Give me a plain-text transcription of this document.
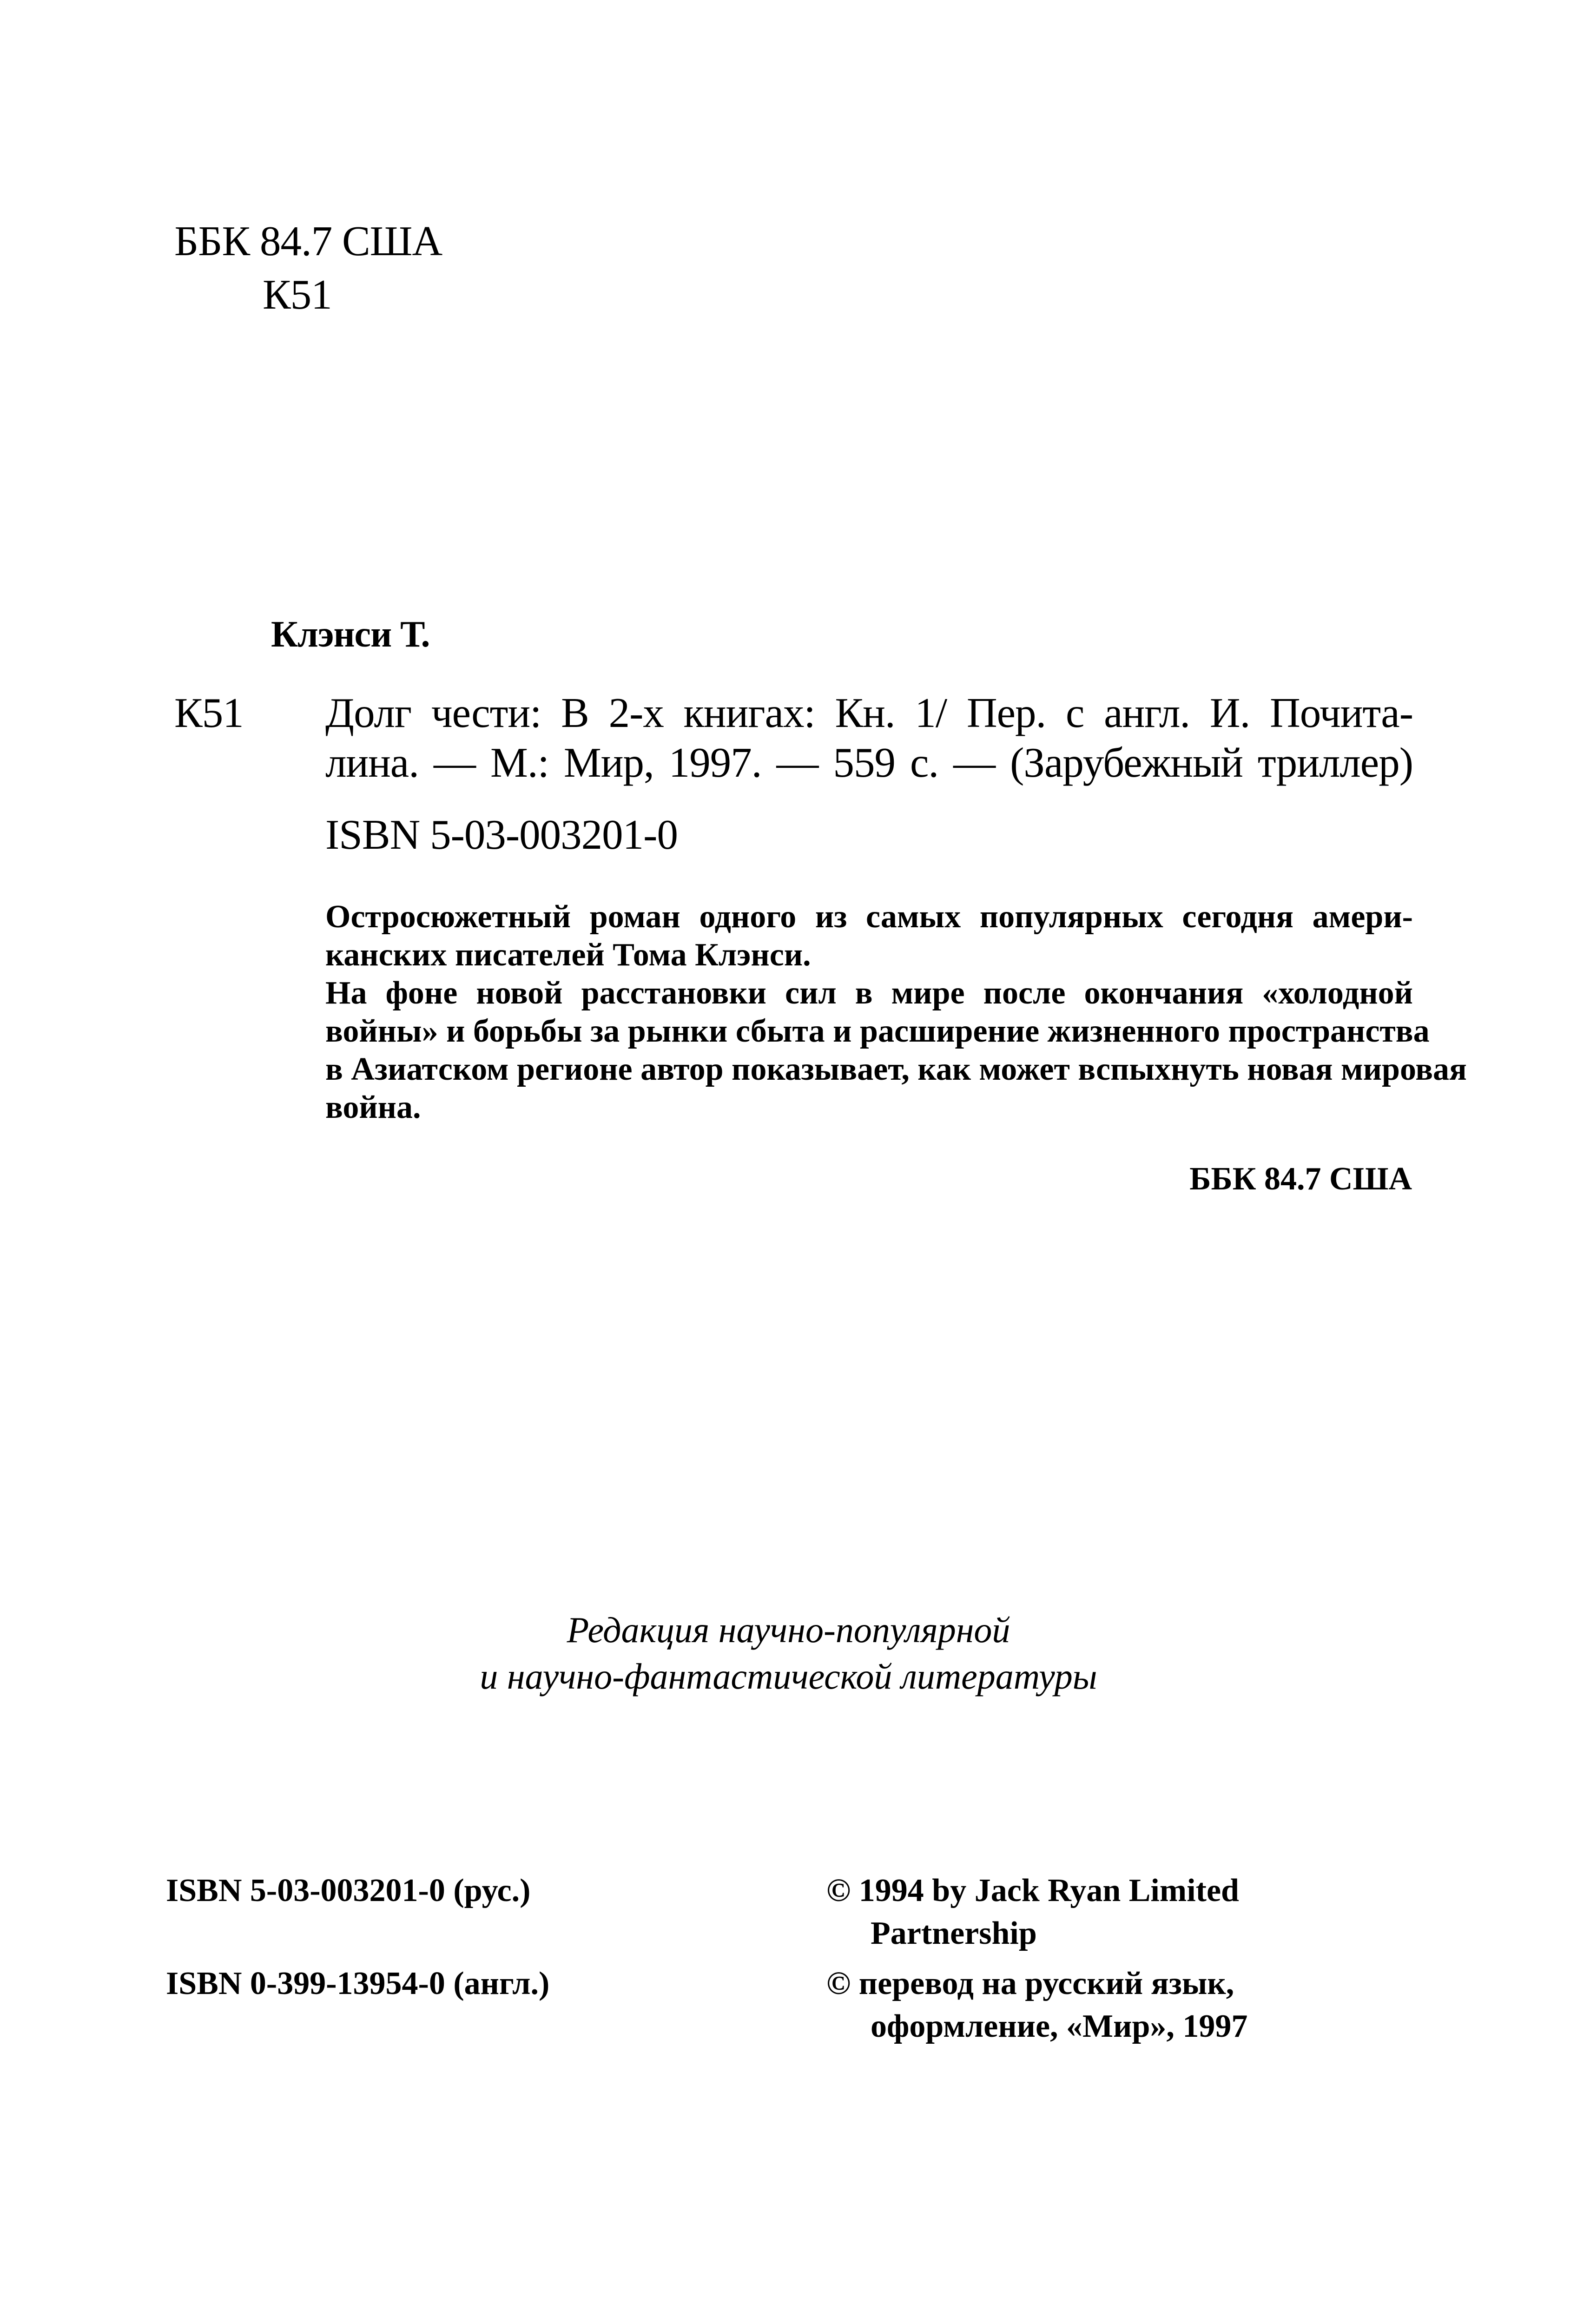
ББК 84.7 США
К51
Клэнси Т.
К51 Долг чести: В 2-х книгах: Кн. 1/ Пер. с англ. И. Почита-
лина. — М.: Мир, 1997. — 559 с. — (Зарубежный триллер)
ISBN 5-03-003201-0
Остросюжетный роман одного из самых популярных сегодня амери-
канских писателей Тома Клэнси.
На фоне новой расстановки сил в мире после окончания «холодной
войны» и борьбы за рынки сбыта и расширение жизненного пространства
в Азиатском регионе автор показывает, как может вспыхнуть новая мировая
война.
ББК 84.7 США
Редакция научно-популярной
и научно-фантастической литературы
ISBN 5-03-003201-0 (рус.)
ISBN 0-399-13954-0 (англ.)
© 1994 by Jack Ryan Limited
Partnership
© перевод на русский язык,
оформление, «Мир», 1997
